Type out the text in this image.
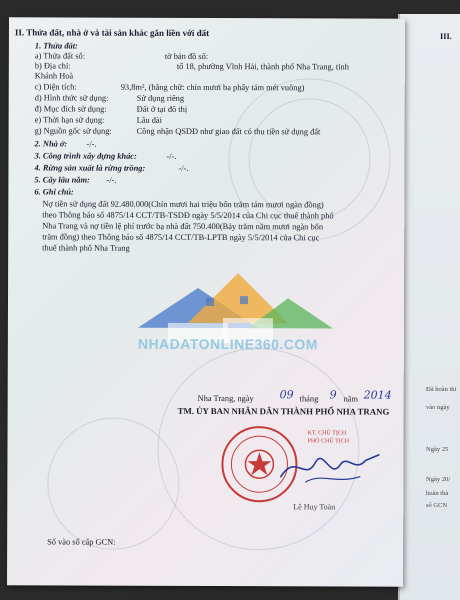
III.
Ngày 25
Ngày 20/
Đã hoàn thi
vào ngày
hoàn thà
sổ GCN
II. Thửa đất, nhà ở và tài sản khác gắn liền với đất
1. Thửa đất:
a) Thửa đất số:	tờ bản đồ số:
b) Địa chỉ:	tổ 18, phường Vĩnh Hải, thành phố Nha Trang, tỉnh
Khánh Hoà
c) Diện tích:	93,8m², (bằng chữ: chín mươi ba phẩy tám mét vuông)
d) Hình thức sử dụng:	Sử dụng riêng
đ) Mục đích sử dụng:	Đất ở tại đô thị
e) Thời hạn sử dụng:	Lâu dài
g) Nguồn gốc sử dụng:	Công nhận QSDĐ như giao đất có thu tiền sử dụng đất
2. Nhà ở: -/-.
3. Công trình xây dựng khác:	-/-.
4. Rừng sản xuất là rừng trồng:	-/-.
5. Cây lâu năm: -/-.
6. Ghi chú:
Nợ tiền sử dụng đất 92.480.000(Chín mươi hai triệu bốn trăm tám mươi ngàn đồng)
theo Thông báo số 4875/14 CCT/TB-TSDĐ ngày 5/5/2014 của Chi cục thuế thành phố
Nha Trang và nợ tiền lệ phí trước bạ nhà đất 750.400(Bảy trăm năm mươi ngàn bốn
trăm đồng) theo Thông báo số 4875/14 CCT/TB-LPTB ngày 5/5/2014 của Chi cục
thuế thành phố Nha Trang
NHADATONLINE360.COM
Nha Trang, ngày 09 tháng 9 năm 2014
TM. ỦY BAN NHÂN DÂN THÀNH PHỐ NHA TRANG
KT. CHỦ TỊCH
PHÓ CHỦ TỊCH
Lê Huy Toàn
Số vào sổ cấp GCN:
